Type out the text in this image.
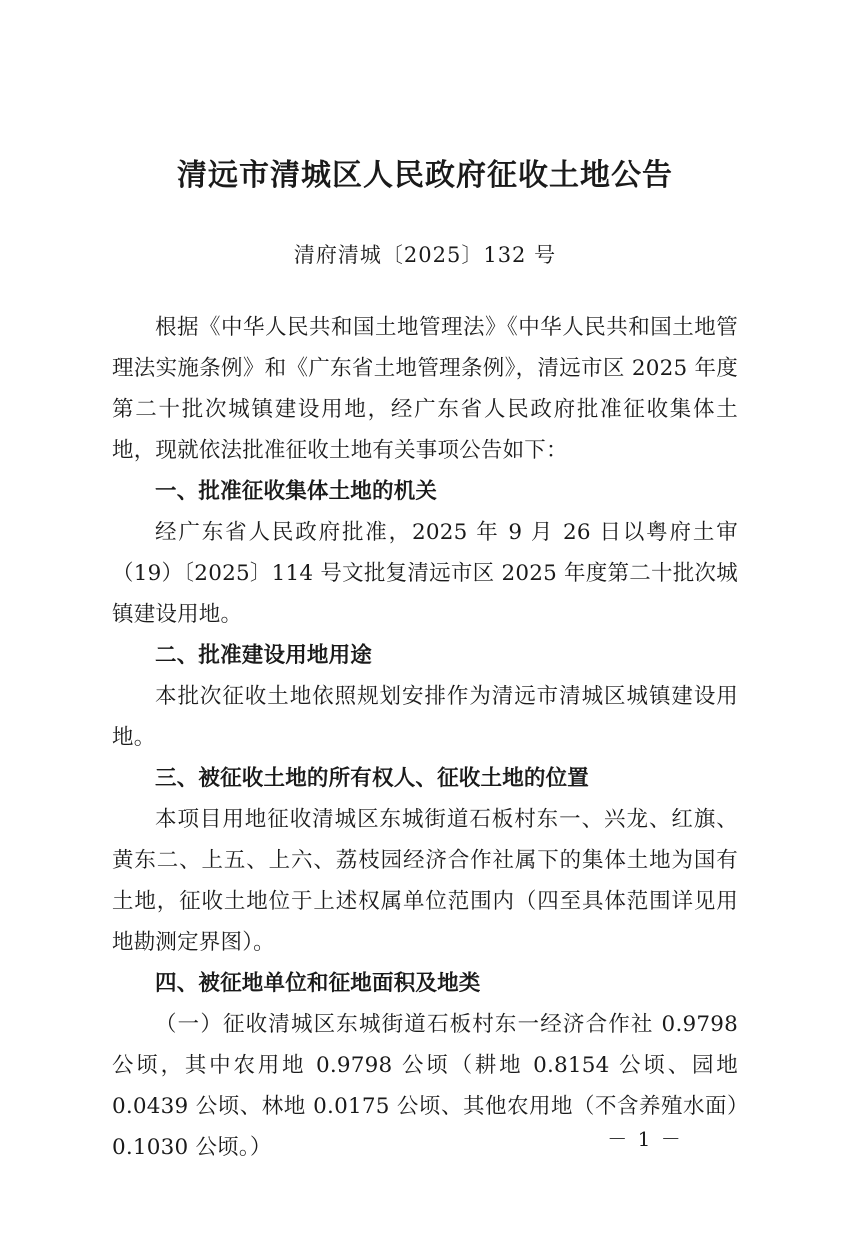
清远市清城区人民政府征收土地公告
清府清城〔2025〕132 号

根据《中华人民共和国土地管理法》《中华人民共和国土地管理法实施条例》和《广东省土地管理条例》，清远市区 2025 年度第二十批次城镇建设用地，经广东省人民政府批准征收集体土地，现就依法批准征收土地有关事项公告如下：

一、批准征收集体土地的机关

经广东省人民政府批准，2025 年 9 月 26 日以粤府土审（19）〔2025〕114 号文批复清远市区 2025 年度第二十批次城镇建设用地。

二、批准建设用地用途

本批次征收土地依照规划安排作为清远市清城区城镇建设用地。

三、被征收土地的所有权人、征收土地的位置

本项目用地征收清城区东城街道石板村东一、兴龙、红旗、黄东二、上五、上六、荔枝园经济合作社属下的集体土地为国有土地，征收土地位于上述权属单位范围内（四至具体范围详见用地勘测定界图）。

四、被征地单位和征地面积及地类

（一）征收清城区东城街道石板村东一经济合作社 0.9798 公顷，其中农用地 0.9798 公顷（耕地 0.8154 公顷、园地 0.0439 公顷、林地 0.0175 公顷、其他农用地（不含养殖水面）0.1030 公顷。）	－ 1 －
